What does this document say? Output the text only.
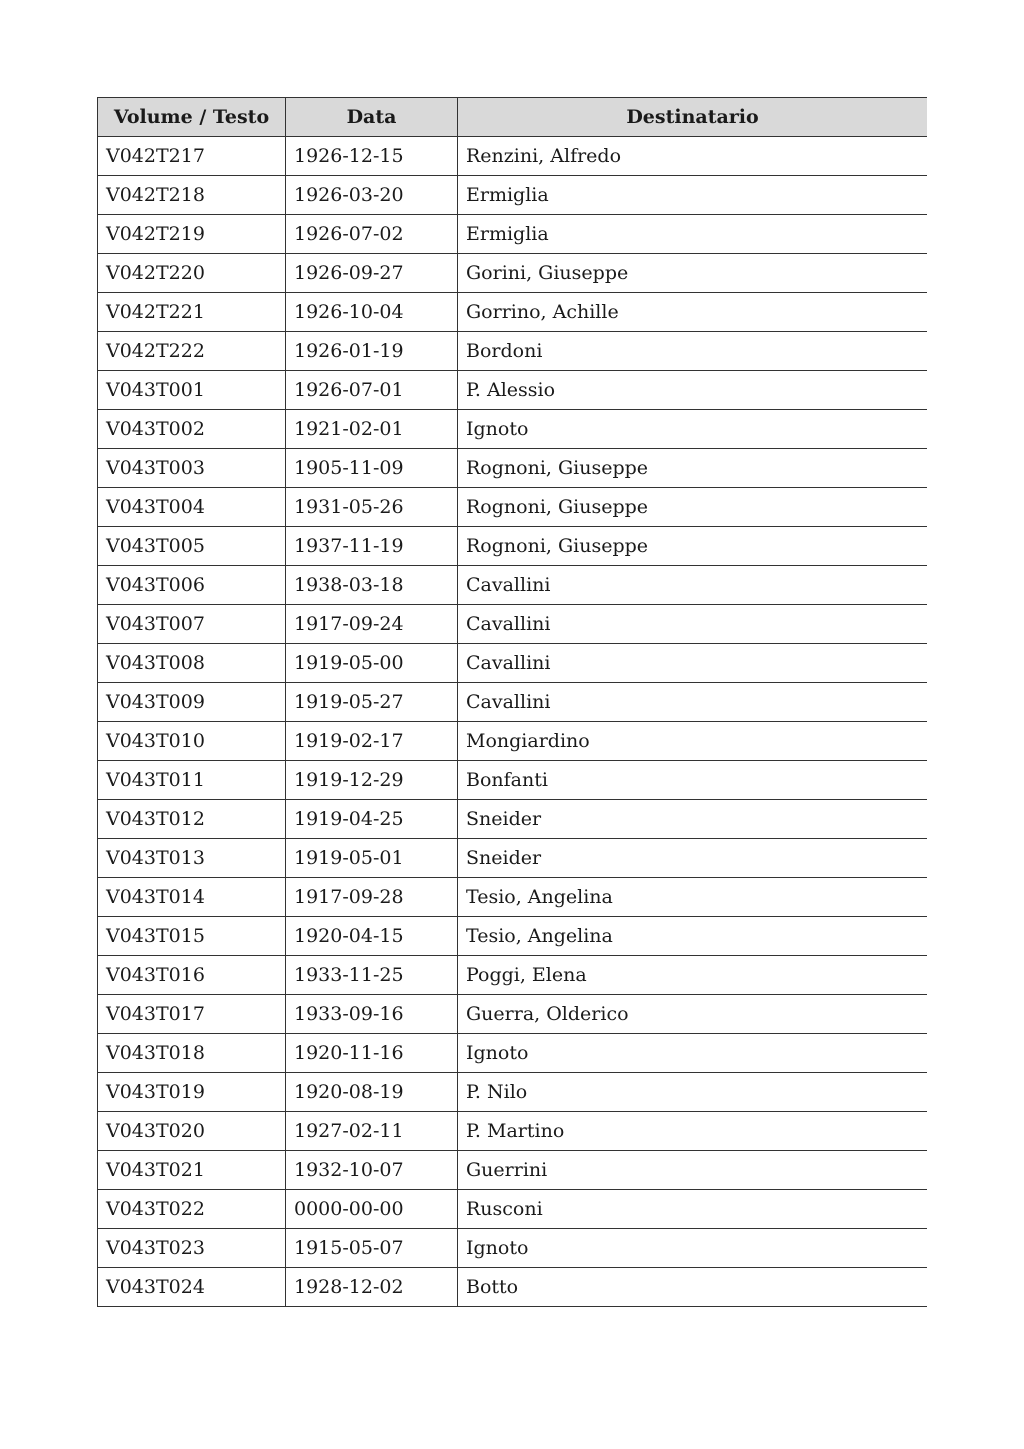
Volume / Testo	Data	Destinatario
V042T217	1926-12-15	Renzini, Alfredo
V042T218	1926-03-20	Ermiglia
V042T219	1926-07-02	Ermiglia
V042T220	1926-09-27	Gorini, Giuseppe
V042T221	1926-10-04	Gorrino, Achille
V042T222	1926-01-19	Bordoni
V043T001	1926-07-01	P. Alessio
V043T002	1921-02-01	Ignoto
V043T003	1905-11-09	Rognoni, Giuseppe
V043T004	1931-05-26	Rognoni, Giuseppe
V043T005	1937-11-19	Rognoni, Giuseppe
V043T006	1938-03-18	Cavallini
V043T007	1917-09-24	Cavallini
V043T008	1919-05-00	Cavallini
V043T009	1919-05-27	Cavallini
V043T010	1919-02-17	Mongiardino
V043T011	1919-12-29	Bonfanti
V043T012	1919-04-25	Sneider
V043T013	1919-05-01	Sneider
V043T014	1917-09-28	Tesio, Angelina
V043T015	1920-04-15	Tesio, Angelina
V043T016	1933-11-25	Poggi, Elena
V043T017	1933-09-16	Guerra, Olderico
V043T018	1920-11-16	Ignoto
V043T019	1920-08-19	P. Nilo
V043T020	1927-02-11	P. Martino
V043T021	1932-10-07	Guerrini
V043T022	0000-00-00	Rusconi
V043T023	1915-05-07	Ignoto
V043T024	1928-12-02	Botto
